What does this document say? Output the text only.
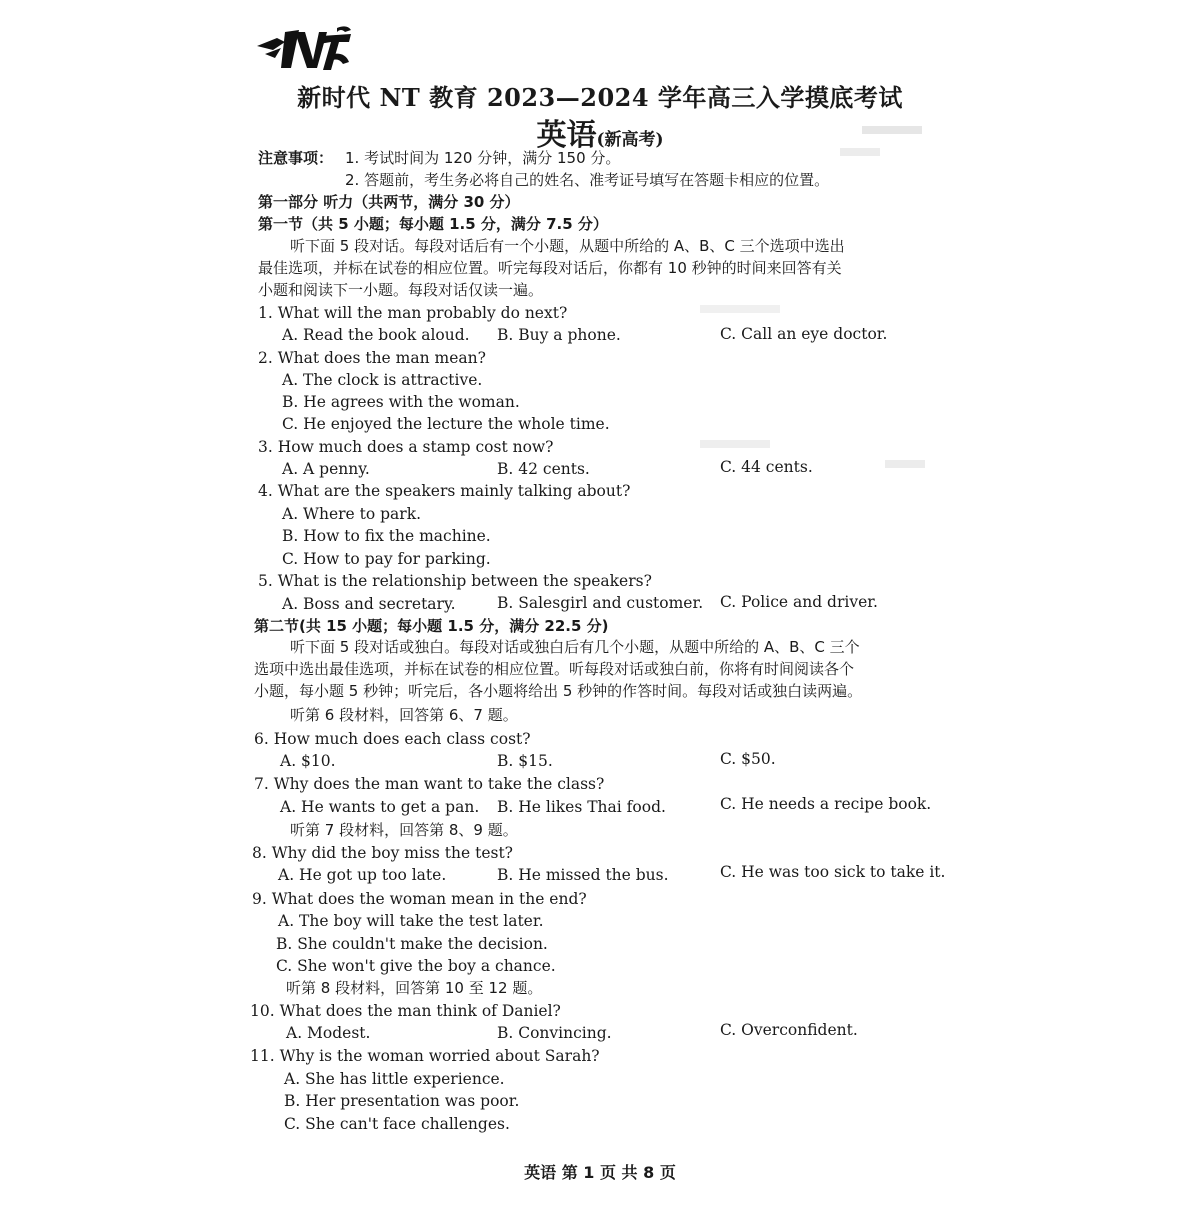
新时代 NT 教育 2023—2024 学年高三入学摸底考试
英语(新高考)
注意事项： 1. 考试时间为 120 分钟，满分 150 分。
2. 答题前，考生务必将自己的姓名、准考证号填写在答题卡相应的位置。
第一部分 听力（共两节，满分 30 分）
第一节（共 5 小题；每小题 1.5 分，满分 7.5 分）
听下面 5 段对话。每段对话后有一个小题，从题中所给的 A、B、C 三个选项中选出
最佳选项，并标在试卷的相应位置。听完每段对话后，你都有 10 秒钟的时间来回答有关
小题和阅读下一小题。每段对话仅读一遍。
1. What will the man probably do next?
A. Read the book aloud. B. Buy a phone.	C. Call an eye doctor.
2. What does the man mean?
A. The clock is attractive.
B. He agrees with the woman.
C. He enjoyed the lecture the whole time.
3. How much does a stamp cost now?
A. A penny.	B. 42 cents.	C. 44 cents.
4. What are the speakers mainly talking about?
A. Where to park.
B. How to fix the machine.
C. How to pay for parking.
5. What is the relationship between the speakers?
A. Boss and secretary.	B. Salesgirl and customer. C. Police and driver.
第二节(共 15 小题；每小题 1.5 分，满分 22.5 分)
听下面 5 段对话或独白。每段对话或独白后有几个小题，从题中所给的 A、B、C 三个
选项中选出最佳选项，并标在试卷的相应位置。听每段对话或独白前，你将有时间阅读各个
小题，每小题 5 秒钟；听完后，各小题将给出 5 秒钟的作答时间。每段对话或独白读两遍。
听第 6 段材料，回答第 6、7 题。
6. How much does each class cost?
A. $10.	B. $15.	C. $50.
7. Why does the man want to take the class?
A. He wants to get a pan. B. He likes Thai food.	C. He needs a recipe book.
听第 7 段材料，回答第 8、9 题。
8. Why did the boy miss the test?
A. He got up too late.	B. He missed the bus.	C. He was too sick to take it.
9. What does the woman mean in the end?
A. The boy will take the test later.
B. She couldn't make the decision.
C. She won't give the boy a chance.
听第 8 段材料，回答第 10 至 12 题。
10. What does the man think of Daniel?
A. Modest.	B. Convincing.	C. Overconfident.
11. Why is the woman worried about Sarah?
A. She has little experience.
B. Her presentation was poor.
C. She can't face challenges.
英语 第 1 页 共 8 页
